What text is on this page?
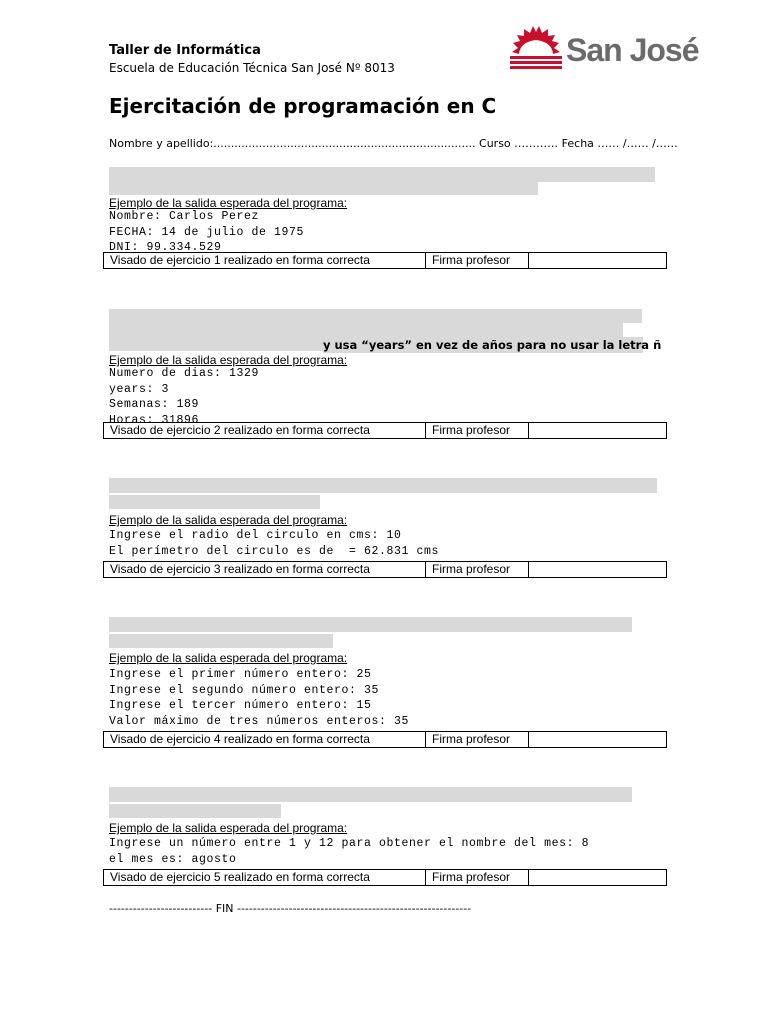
Taller de Informática
Escuela de Educación Técnica San José Nº 8013	San José
Ejercitación de programación en C
Nombre y apellido:........................................................................... Curso ………… Fecha …… /…… /……
Ejemplo de la salida esperada del programa:
Nombre: Carlos Perez
FECHA: 14 de julio de 1975
DNI: 99.334.529
Visado de ejercicio 1 realizado en forma correcta	Firma profesor
y usa “years” en vez de años para no usar la letra ñ
Ejemplo de la salida esperada del programa:
Numero de dias: 1329
years: 3
Semanas: 189
Horas: 31896
Visado de ejercicio 2 realizado en forma correcta	Firma profesor
Ejemplo de la salida esperada del programa:
Ingrese el radio del circulo en cms: 10
El perímetro del circulo es de  = 62.831 cms
Visado de ejercicio 3 realizado en forma correcta	Firma profesor
Ejemplo de la salida esperada del programa:
Ingrese el primer número entero: 25
Ingrese el segundo número entero: 35
Ingrese el tercer número entero: 15
Valor máximo de tres números enteros: 35
Visado de ejercicio 4 realizado en forma correcta	Firma profesor
Ejemplo de la salida esperada del programa:
Ingrese un número entre 1 y 12 para obtener el nombre del mes: 8
el mes es: agosto
Visado de ejercicio 5 realizado en forma correcta	Firma profesor
-------------------------- FIN -----------------------------------------------------------
